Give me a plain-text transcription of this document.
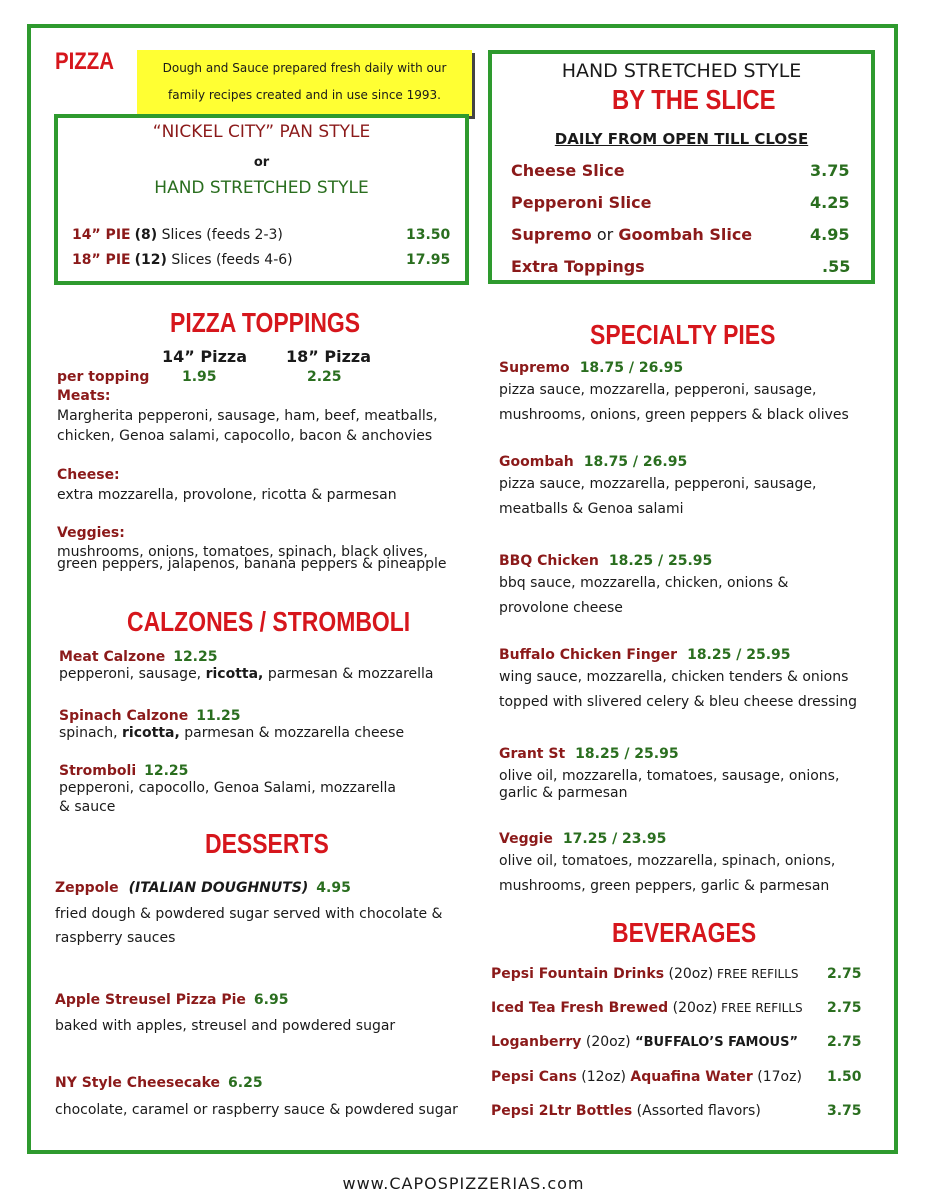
PIZZA	Dough and Sauce prepared fresh daily with our
family recipes created and in use since 1993.
“NICKEL CITY” PAN STYLE
or
HAND STRETCHED STYLE
14” PIE (8) Slices (feeds 2-3)	13.50
18” PIE (12) Slices (feeds 4-6)	17.95
HAND STRETCHED STYLE
BY THE SLICE
DAILY FROM OPEN TILL CLOSE
Cheese Slice	3.75
Pepperoni Slice	4.25
Supremo or Goombah Slice	4.95
Extra Toppings	.55
PIZZA TOPPINGS
14” Pizza 18” Pizza
per topping 1.95	2.25
Meats:
Margherita pepperoni, sausage, ham, beef, meatballs,
chicken, Genoa salami, capocollo, bacon & anchovies
Cheese:
extra mozzarella, provolone, ricotta & parmesan
Veggies:
mushrooms, onions, tomatoes, spinach, black olives,
green peppers, jalapenos, banana peppers & pineapple
CALZONES / STROMBOLI
Meat Calzone 12.25
pepperoni, sausage, ricotta, parmesan & mozzarella
Spinach Calzone 11.25
spinach, ricotta, parmesan & mozzarella cheese
Stromboli 12.25
pepperoni, capocollo, Genoa Salami, mozzarella
& sauce
DESSERTS
Zeppole (ITALIAN DOUGHNUTS) 4.95
fried dough & powdered sugar served with chocolate &
raspberry sauces
Apple Streusel Pizza Pie 6.95
baked with apples, streusel and powdered sugar
NY Style Cheesecake 6.25
chocolate, caramel or raspberry sauce & powdered sugar
SPECIALTY PIES
Supremo 18.75 / 26.95
pizza sauce, mozzarella, pepperoni, sausage,
mushrooms, onions, green peppers & black olives
Goombah 18.75 / 26.95
pizza sauce, mozzarella, pepperoni, sausage,
meatballs & Genoa salami
BBQ Chicken 18.25 / 25.95
bbq sauce, mozzarella, chicken, onions &
provolone cheese
Buffalo Chicken Finger 18.25 / 25.95
wing sauce, mozzarella, chicken tenders & onions
topped with slivered celery & bleu cheese dressing
Grant St 18.25 / 25.95
olive oil, mozzarella, tomatoes, sausage, onions,
garlic & parmesan
Veggie 17.25 / 23.95
olive oil, tomatoes, mozzarella, spinach, onions,
mushrooms, green peppers, garlic & parmesan
BEVERAGES
Pepsi Fountain Drinks (20oz) FREE REFILLS 2.75
Iced Tea Fresh Brewed (20oz) FREE REFILLS 2.75
Loganberry (20oz) “BUFFALO’S FAMOUS” 2.75
Pepsi Cans (12oz) Aquafina Water (17oz) 1.50
Pepsi 2Ltr Bottles (Assorted flavors)	3.75
www.CAPOSPIZZERIAS.com
